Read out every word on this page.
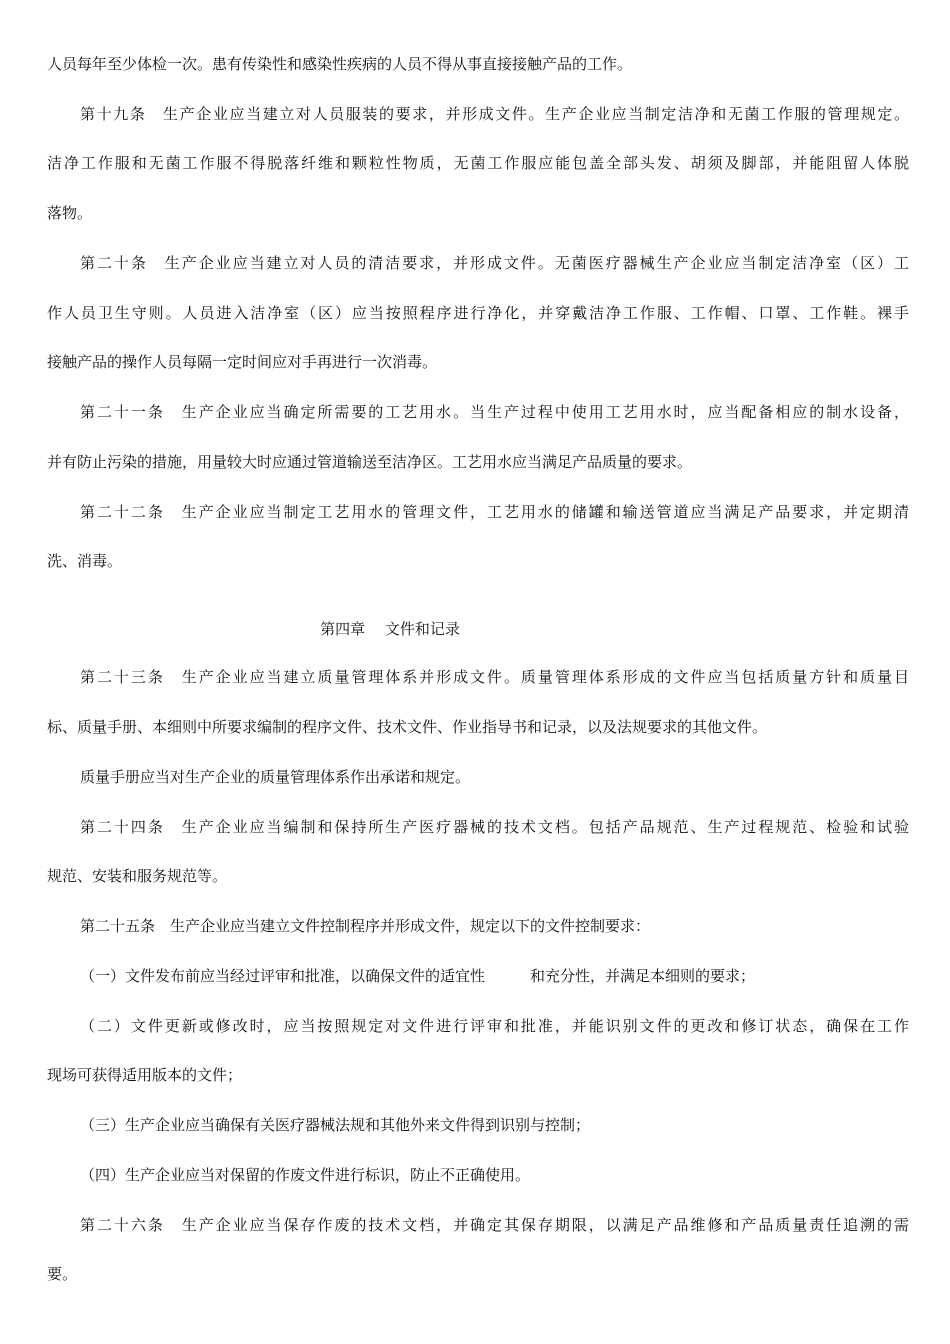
人员每年至少体检一次。患有传染性和感染性疾病的人员不得从事直接接触产品的工作。
第十九条　生产企业应当建立对人员服装的要求，并形成文件。生产企业应当制定洁净和无菌工作服的管理规定。
洁净工作服和无菌工作服不得脱落纤维和颗粒性物质，无菌工作服应能包盖全部头发、胡须及脚部，并能阻留人体脱
落物。
第二十条　生产企业应当建立对人员的清洁要求，并形成文件。无菌医疗器械生产企业应当制定洁净室（区）工
作人员卫生守则。人员进入洁净室（区）应当按照程序进行净化，并穿戴洁净工作服、工作帽、口罩、工作鞋。裸手
接触产品的操作人员每隔一定时间应对手再进行一次消毒。
第二十一条　生产企业应当确定所需要的工艺用水。当生产过程中使用工艺用水时，应当配备相应的制水设备，
并有防止污染的措施，用量较大时应通过管道输送至洁净区。工艺用水应当满足产品质量的要求。
第二十二条　生产企业应当制定工艺用水的管理文件，工艺用水的储罐和输送管道应当满足产品要求，并定期清
洗、消毒。
第四章　 文件和记录
第二十三条　生产企业应当建立质量管理体系并形成文件。质量管理体系形成的文件应当包括质量方针和质量目
标、质量手册、本细则中所要求编制的程序文件、技术文件、作业指导书和记录，以及法规要求的其他文件。
质量手册应当对生产企业的质量管理体系作出承诺和规定。
第二十四条　生产企业应当编制和保持所生产医疗器械的技术文档。包括产品规范、生产过程规范、检验和试验
规范、安装和服务规范等。
第二十五条　生产企业应当建立文件控制程序并形成文件，规定以下的文件控制要求：
（一）文件发布前应当经过评审和批准，以确保文件的适宜性　　　和充分性，并满足本细则的要求；
（二）文件更新或修改时，应当按照规定对文件进行评审和批准，并能识别文件的更改和修订状态，确保在工作
现场可获得适用版本的文件；
（三）生产企业应当确保有关医疗器械法规和其他外来文件得到识别与控制；
（四）生产企业应当对保留的作废文件进行标识，防止不正确使用。
第二十六条　生产企业应当保存作废的技术文档，并确定其保存期限，以满足产品维修和产品质量责任追溯的需
要。
